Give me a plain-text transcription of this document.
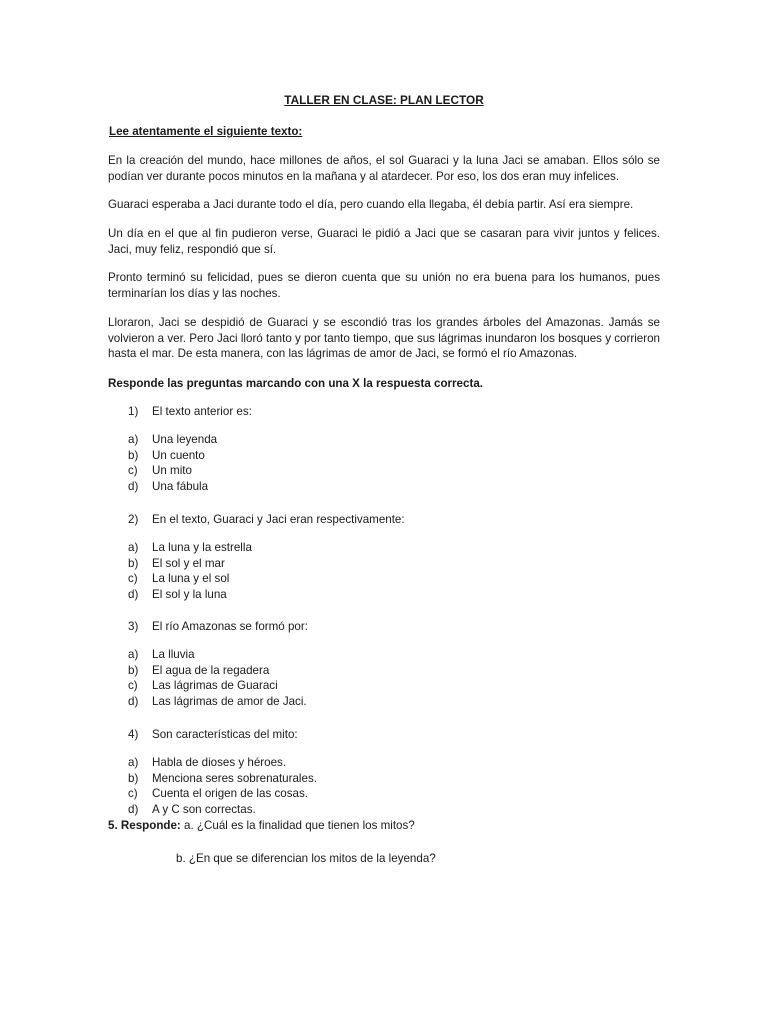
TALLER EN CLASE: PLAN LECTOR
Lee atentamente el siguiente texto:
En la creación del mundo, hace millones de años, el sol Guaraci y la luna Jaci se amaban. Ellos sólo se podían ver durante pocos minutos en la mañana y al atardecer. Por eso, los dos eran muy infelices.
Guaraci esperaba a Jaci durante todo el día, pero cuando ella llegaba, él debía partir. Así era siempre.
Un día en el que al fin pudieron verse, Guaraci le pidió a Jaci que se casaran para vivir juntos y felices. Jaci, muy feliz, respondió que sí.
Pronto terminó su felicidad, pues se dieron cuenta que su unión no era buena para los humanos, pues terminarían los días y las noches.
Lloraron, Jaci se despidió de Guaraci y se escondió tras los grandes árboles del Amazonas. Jamás se volvieron a ver. Pero Jaci lloró tanto y por tanto tiempo, que sus lágrimas inundaron los bosques y corrieron hasta el mar. De esta manera, con las lágrimas de amor de Jaci, se formó el río Amazonas.
Responde las preguntas marcando con una X la respuesta correcta.
1) El texto anterior es:
a) Una leyenda
b) Un cuento
c) Un mito
d) Una fábula
2) En el texto, Guaraci y Jaci eran respectivamente:
a) La luna y la estrella
b) El sol y el mar
c) La luna y el sol
d) El sol y la luna
3) El río Amazonas se formó por:
a) La lluvia
b) El agua de la regadera
c) Las lágrimas de Guaraci
d) Las lágrimas de amor de Jaci.
4) Son características del mito:
a) Habla de dioses y héroes.
b) Menciona seres sobrenaturales.
c) Cuenta el origen de las cosas.
d) A y C son correctas.
5. Responde: a. ¿Cuál es la finalidad que tienen los mitos?
b. ¿En que se diferencian los mitos de la leyenda?
